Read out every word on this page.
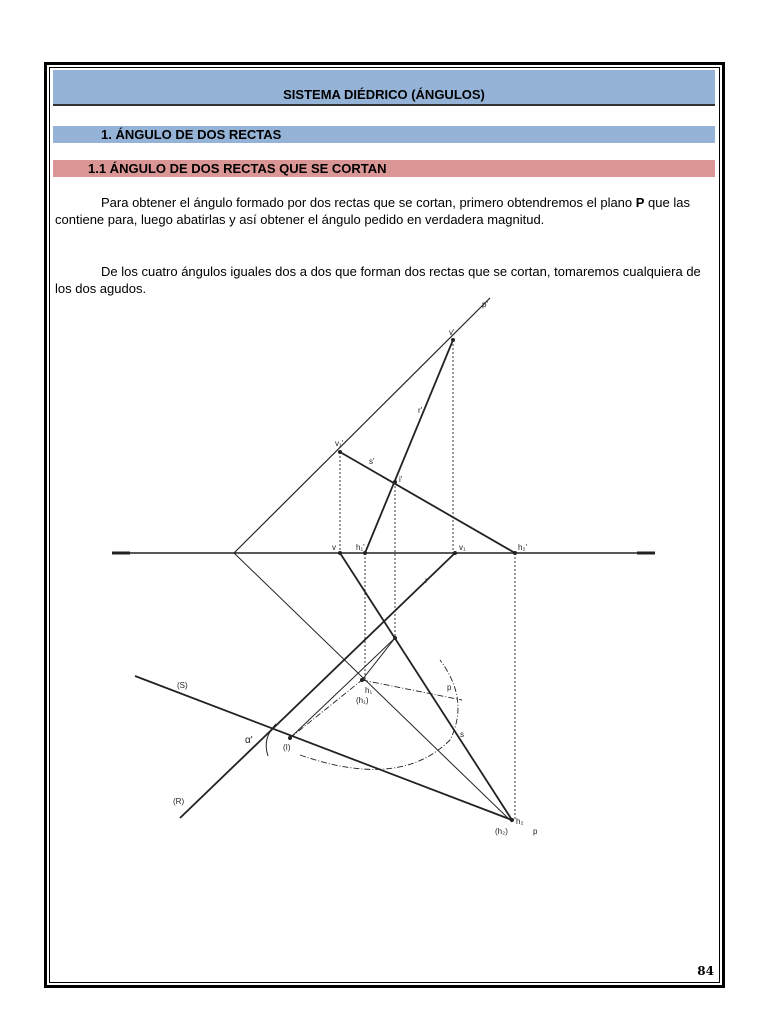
SISTEMA DIÉDRICO (ÁNGULOS)
1. ÁNGULO DE DOS RECTAS
1.1 ÁNGULO DE DOS RECTAS QUE SE CORTAN

Para obtener el ángulo formado por dos rectas que se cortan, primero obtendremos el plano P que las contiene para, luego abatirlas y así obtener el ángulo pedido en verdadera magnitud.

De los cuatro ángulos iguales dos a dos que forman dos rectas que se cortan, tomaremos cualquiera de los dos agudos.

p'
v'
r'
v₁'
s'
i'
v	h₁'	v₁	h₂'
r
p
h₁
(h₁)
(S)
α'
(I)
s
(R)
h₂
(h₂)	p
84
